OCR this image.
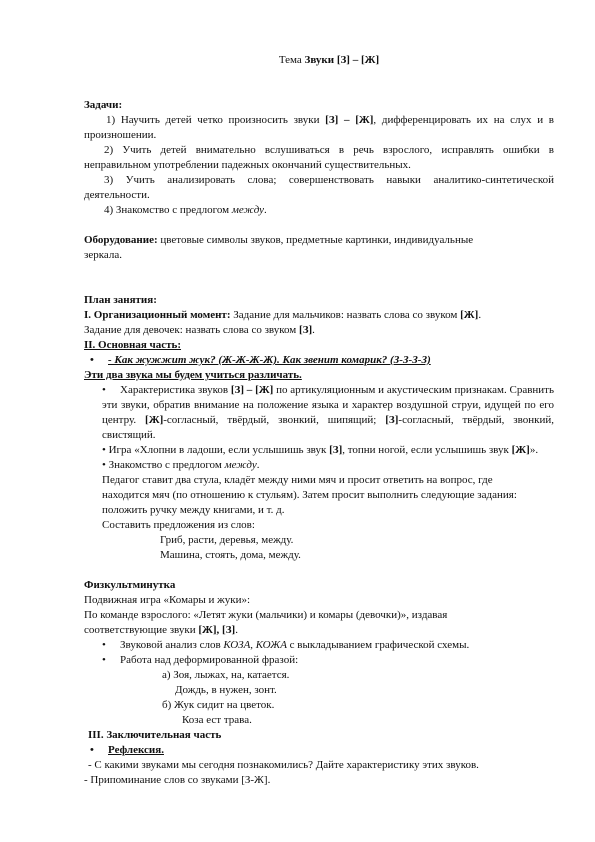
Тема Звуки [З] – [Ж]

Задачи:

1) Научить детей четко произносить звуки [З] – [Ж], дифференцировать их на слух и в произношении.

2) Учить детей внимательно вслушиваться в речь взрослого, исправлять ошибки в неправильном употреблении падежных окончаний существительных.

3) Учить анализировать слова; совершенствовать навыки аналитико-синтетической деятельности.

4) Знакомство с предлогом между.

Оборудование: цветовые символы звуков, предметные картинки, индивидуальные зеркала.

План занятия:

I. Организационный момент: Задание для мальчиков: назвать слова со звуком [Ж].

Задание для девочек: назвать слова со звуком [З].

II. Основная часть:

• - Как жужжит жук? (Ж-Ж-Ж-Ж). Как звенит комарик? (З-З-З-З)

Эти два звука мы будем учиться различать.

• Характеристика звуков [З] – [Ж] по артикуляционным и акустическим признакам. Сравнить эти звуки, обратив внимание на положение языка и характер воздушной струи, идущей по его центру. [Ж]-согласный, твёрдый, звонкий, шипящий; [З]-согласный, твёрдый, звонкий, свистящий.

• Игра «Хлопни в ладоши, если услышишь звук [З], топни ногой, если услышишь звук [Ж]».

• Знакомство с предлогом между.

Педагог ставит два стула, кладёт между ними мяч и просит ответить на вопрос, где находится мяч (по отношению к стульям). Затем просит выполнить следующие задания: положить ручку между книгами, и т. д.

Составить предложения из слов:

Гриб, расти, деревья, между.

Машина, стоять, дома, между.

Физкультминутка

Подвижная игра «Комары и жуки»:

По команде взрослого: «Летят жуки (мальчики) и комары (девочки)», издавая соответствующие звуки [Ж], [З].

• Звуковой анализ слов КОЗА, КОЖА с выкладыванием графической схемы.

• Работа над деформированной фразой:

а) Зоя, лыжах, на, катается.

Дождь, в нужен, зонт.

б) Жук сидит на цветок.

Коза ест трава.

III. Заключительная часть

• Рефлексия.

- С какими звуками мы сегодня познакомились? Дайте характеристику этих звуков.

- Припоминание слов со звуками [З-Ж].
